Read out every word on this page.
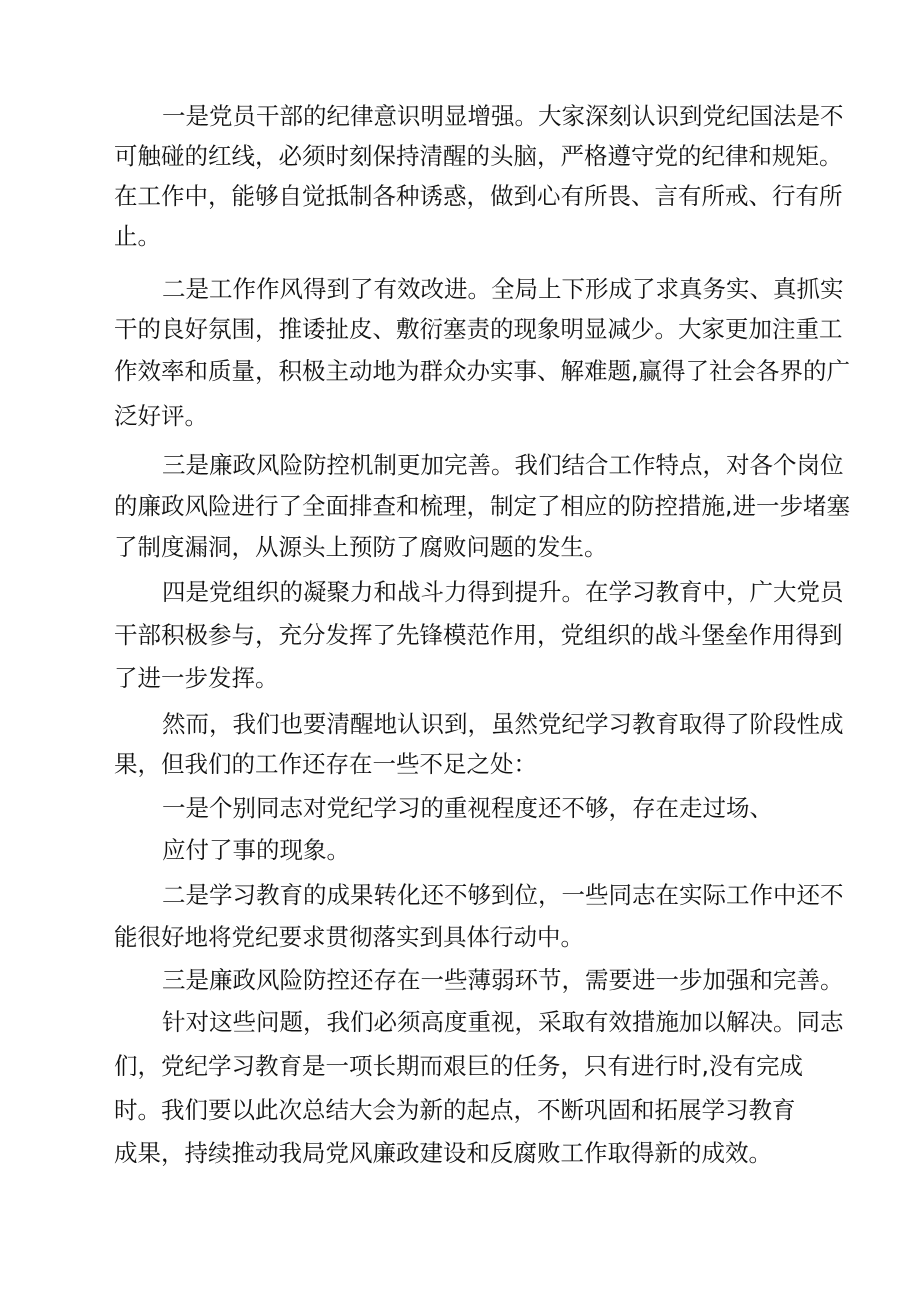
一是党员干部的纪律意识明显增强。大家深刻认识到党纪国法是不
可触碰的红线，必须时刻保持清醒的头脑，严格遵守党的纪律和规矩。
在工作中，能够自觉抵制各种诱惑，做到心有所畏、言有所戒、行有所
止。
二是工作作风得到了有效改进。全局上下形成了求真务实、真抓实
干的良好氛围，推诿扯皮、敷衍塞责的现象明显减少。大家更加注重工
作效率和质量，积极主动地为群众办实事、解难题,赢得了社会各界的广
泛好评。
三是廉政风险防控机制更加完善。我们结合工作特点，对各个岗位
的廉政风险进行了全面排查和梳理，制定了相应的防控措施,进一步堵塞
了制度漏洞，从源头上预防了腐败问题的发生。
四是党组织的凝聚力和战斗力得到提升。在学习教育中，广大党员
干部积极参与，充分发挥了先锋模范作用，党组织的战斗堡垒作用得到
了进一步发挥。
然而，我们也要清醒地认识到，虽然党纪学习教育取得了阶段性成
果，但我们的工作还存在一些不足之处：
一是个别同志对党纪学习的重视程度还不够，存在走过场、
应付了事的现象。
二是学习教育的成果转化还不够到位，一些同志在实际工作中还不
能很好地将党纪要求贯彻落实到具体行动中。
三是廉政风险防控还存在一些薄弱环节，需要进一步加强和完善。
针对这些问题，我们必须高度重视，采取有效措施加以解决。同志
们，党纪学习教育是一项长期而艰巨的任务，只有进行时,没有完成
时。我们要以此次总结大会为新的起点，不断巩固和拓展学习教育
成果，持续推动我局党风廉政建设和反腐败工作取得新的成效。
